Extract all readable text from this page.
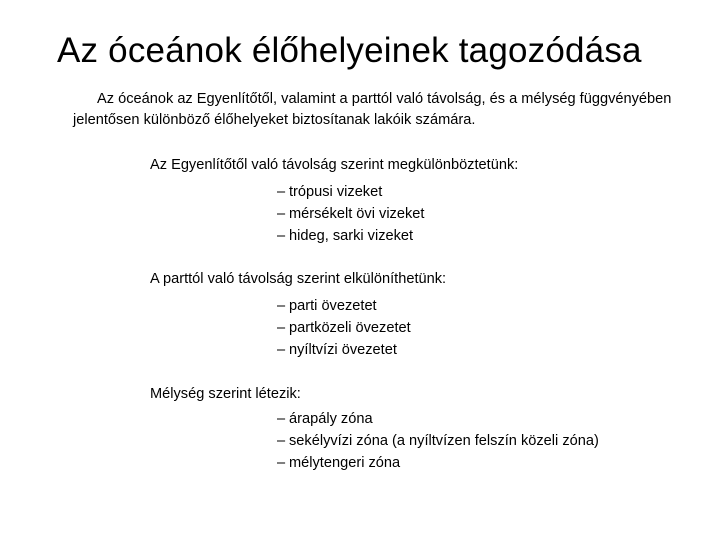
Az óceánok élőhelyeinek tagozódása

Az óceánok az Egyenlítőtől, valamint a parttól való távolság, és a mélység függvényében jelentősen különböző élőhelyeket biztosítanak lakóik számára.

Az Egyenlítőtől való távolság szerint megkülönböztetünk:

– trópusi vizeket
– mérsékelt övi vizeket
– hideg, sarki vizeket

A parttól való távolság szerint elkülöníthetünk:

– parti övezetet
– partközeli övezetet
– nyíltvízi övezetet

Mélység szerint létezik:

– árapály zóna
– sekélyvízi zóna (a nyíltvízen felszín közeli zóna)
– mélytengeri zóna
